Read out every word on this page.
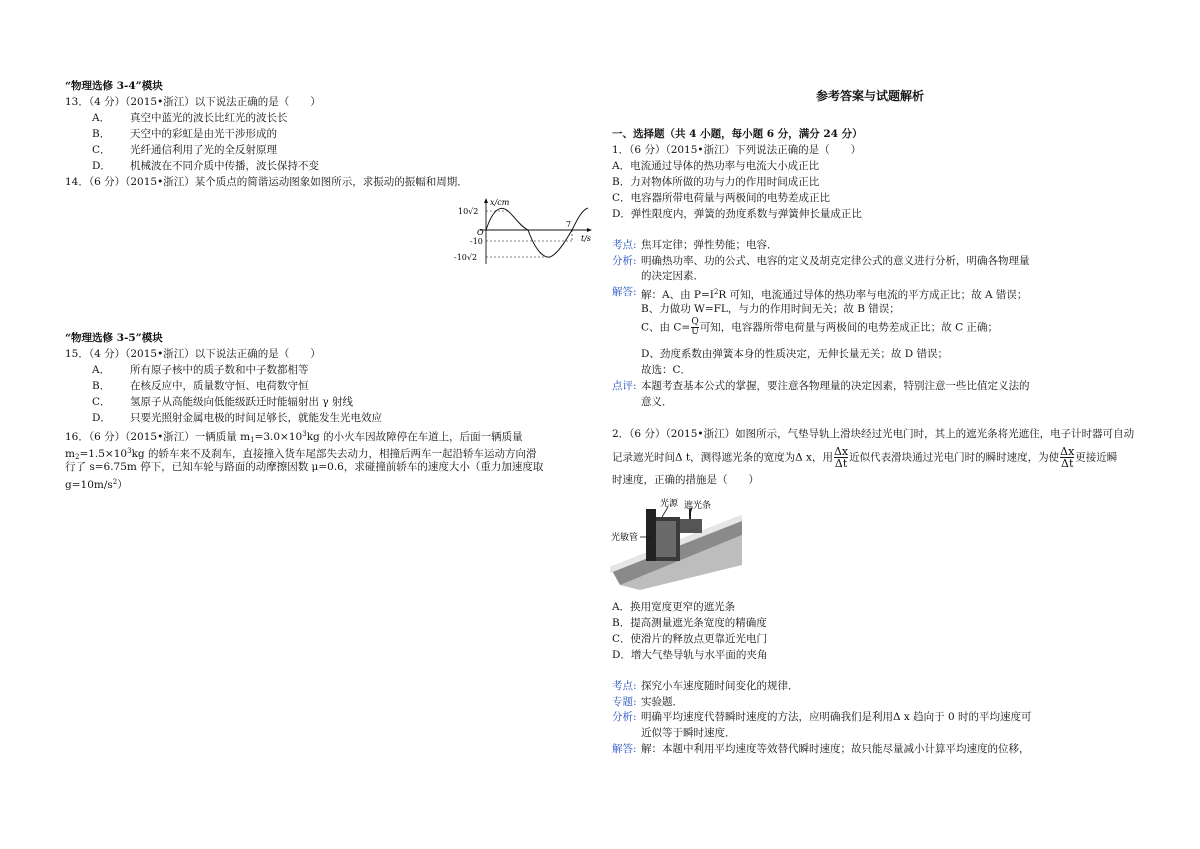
“物理选修 3-4”模块
13．（4 分）（2015•浙江）以下说法正确的是（　　）
A． 真空中蓝光的波长比红光的波长长
B． 天空中的彩虹是由光干涉形成的
C． 光纤通信利用了光的全反射原理
D． 机械波在不同介质中传播，波长保持不变
14．（6 分）（2015•浙江）某个质点的简谐运动图象如图所示，求振动的振幅和周期．
x/cm
10√2
O
7
-10
-10√2
t/s
“物理选修 3-5”模块
15．（4 分）（2015•浙江）以下说法正确的是（　　）
A． 所有原子核中的质子数和中子数都相等
B． 在核反应中，质量数守恒、电荷数守恒
C． 氢原子从高能级向低能级跃迁时能辐射出 γ 射线
D． 只要光照射金属电极的时间足够长，就能发生光电效应
16．（6 分）（2015•浙江）一辆质量 $m_1=3.0\times 10^3kg$ 的小火车因故障停在车道上，后面一辆质量
$m_2=1.5\times 10^3kg$ 的轿车来不及刹车，直接撞入货车尾部失去动力，相撞后两车一起沿轿车运动方向滑
行了 s=6.75m 停下，已知车轮与路面的动摩擦因数 μ=0.6，求碰撞前轿车的速度大小（重力加速度取
$g=10m/s^2$）
参考答案与试题解析
一、选择题（共 4 小题，每小题 6 分，满分 24 分）
1．（6 分）（2015•浙江）下列说法正确的是（　　）
A．电流通过导体的热功率与电流大小成正比
B．力对物体所做的功与力的作用时间成正比
C．电容器所带电荷量与两极间的电势差成正比
D．弹性限度内，弹簧的劲度系数与弹簧伸长量成正比
考点: 焦耳定律；弹性势能；电容．
分析: 明确热功率、功的公式、电容的定义及胡克定律公式的意义进行分析，明确各物理量
的决定因素．
解答: 解：A、由 $P=I^2R$ 可知，电流通过导体的热功率与电流的平方成正比；故 A 错误；
B、力做功 W=FL，与力的作用时间无关；故 B 错误；
C、由 $C= \frac{Q}{U}$ 可知，电容器所带电荷量与两极间的电势差成正比；故 C 正确；
D、劲度系数由弹簧本身的性质决定，无伸长量无关；故 D 错误；
故选：C．
点评: 本题考查基本公式的掌握，要注意各物理量的决定因素，特别注意一些比值定义法的
意义．
2．（6 分）（2015•浙江）如图所示，气垫导轨上滑块经过光电门时，其上的遮光条将光遮住，电子计时器可自动
记录遮光时间Δ t，测得遮光条的宽度为Δ x，用 $\frac{\Delta x}{\Delta t}$ 近似代表滑块通过光电门时的瞬时速度，为使 $\frac{\Delta x}{\Delta t}$ 更接近瞬
时速度，正确的措施是（　　）
光源 遮光条
光敏管
A．换用宽度更窄的遮光条
B．提高测量遮光条宽度的精确度
C．使滑片的释放点更靠近光电门
D．增大气垫导轨与水平面的夹角
考点: 探究小车速度随时间变化的规律．
专题: 实验题．
分析: 明确平均速度代替瞬时速度的方法，应明确我们是利用Δ x 趋向于 0 时的平均速度可
近似等于瞬时速度．
解答: 解：本题中利用平均速度等效替代瞬时速度；故只能尽量减小计算平均速度的位移，
